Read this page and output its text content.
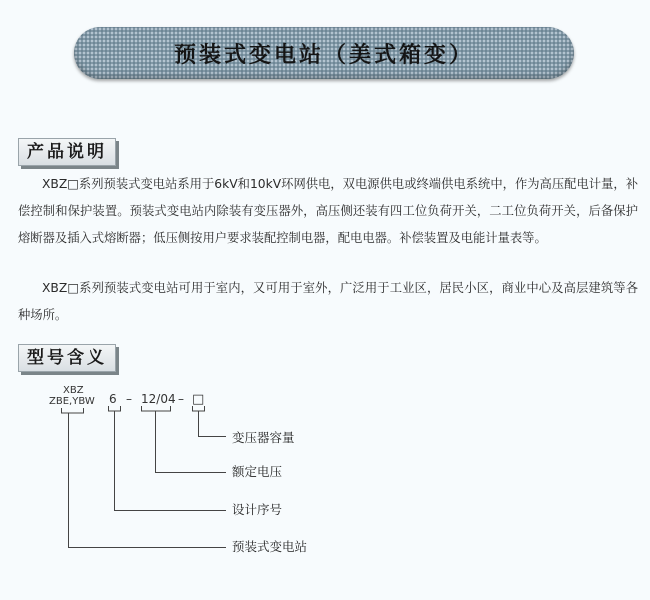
预装式变电站（美式箱变）
产品说明

XBZ□系列预装式变电站系用于6kV和10kV环网供电，双电源供电或终端供电系统中，作为高压配电计量，补偿控制和保护装置。预装式变电站内除装有变压器外，高压侧还装有四工位负荷开关，二工位负荷开关，后备保护熔断器及插入式熔断器；低压侧按用户要求装配控制电器，配电电器。补偿装置及电能计量表等。

XBZ□系列预装式变电站可用于室内，又可用于室外，广泛用于工业区，居民小区，商业中心及高层建筑等各种场所。

型号含义
XBZ
ZBE,YBW 6 – 12/04 – □
变压器容量
额定电压
设计序号
预装式变电站
